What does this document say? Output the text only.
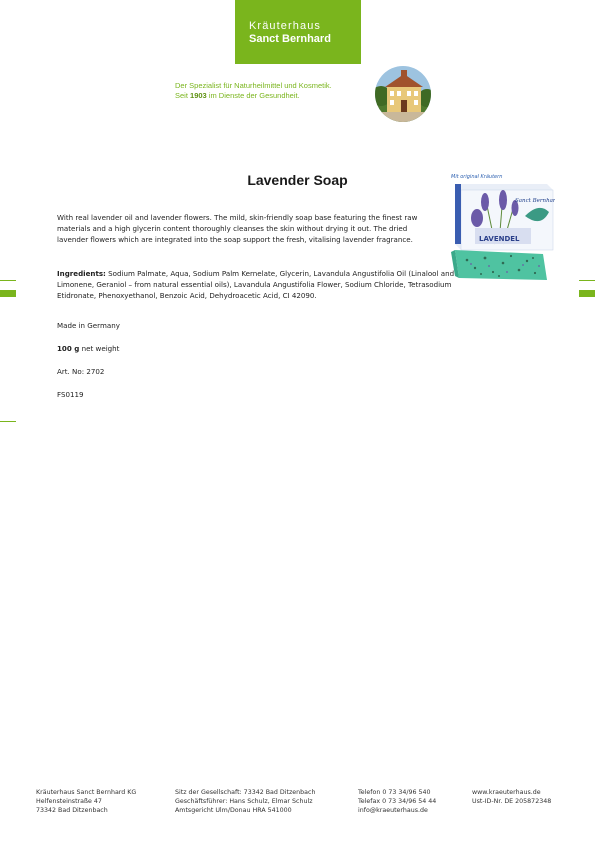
Kräuterhaus
Sanct Bernhard
Der Spezialist für Naturheilmittel und Kosmetik.
Seit 1903 im Dienste der Gesundheit.
Lavender Soap	Mit original Kräutern
Sanct Bernhard
LAVENDEL
With real lavender oil and lavender flowers. The mild, skin-friendly soap base featuring the finest raw materials and a high glycerin content thoroughly cleanses the skin without drying it out. The dried lavender flowers which are integrated into the soap support the fresh, vitalising lavender fragrance.
Ingredients: Sodium Palmate, Aqua, Sodium Palm Kernelate, Glycerin, Lavandula Angustifolia Oil (Linalool and Limonene, Geraniol – from natural essential oils), Lavandula Angustifolia Flower, Sodium Chloride, Tetrasodium Etidronate, Phenoxyethanol, Benzoic Acid, Dehydroacetic Acid, CI 42090.
Made in Germany
100 g net weight
Art. No: 2702
FS0119
Kräuterhaus Sanct Bernhard KG
Helfensteinstraße 47
73342 Bad Ditzenbach
Sitz der Gesellschaft: 73342 Bad Ditzenbach
Geschäftsführer: Hans Schulz, Elmar Schulz
Amtsgericht Ulm/Donau HRA 541000
Telefon 0 73 34/96 540
Telefax 0 73 34/96 54 44
info@kraeuterhaus.de
www.kraeuterhaus.de
Ust-ID-Nr. DE 205872348
